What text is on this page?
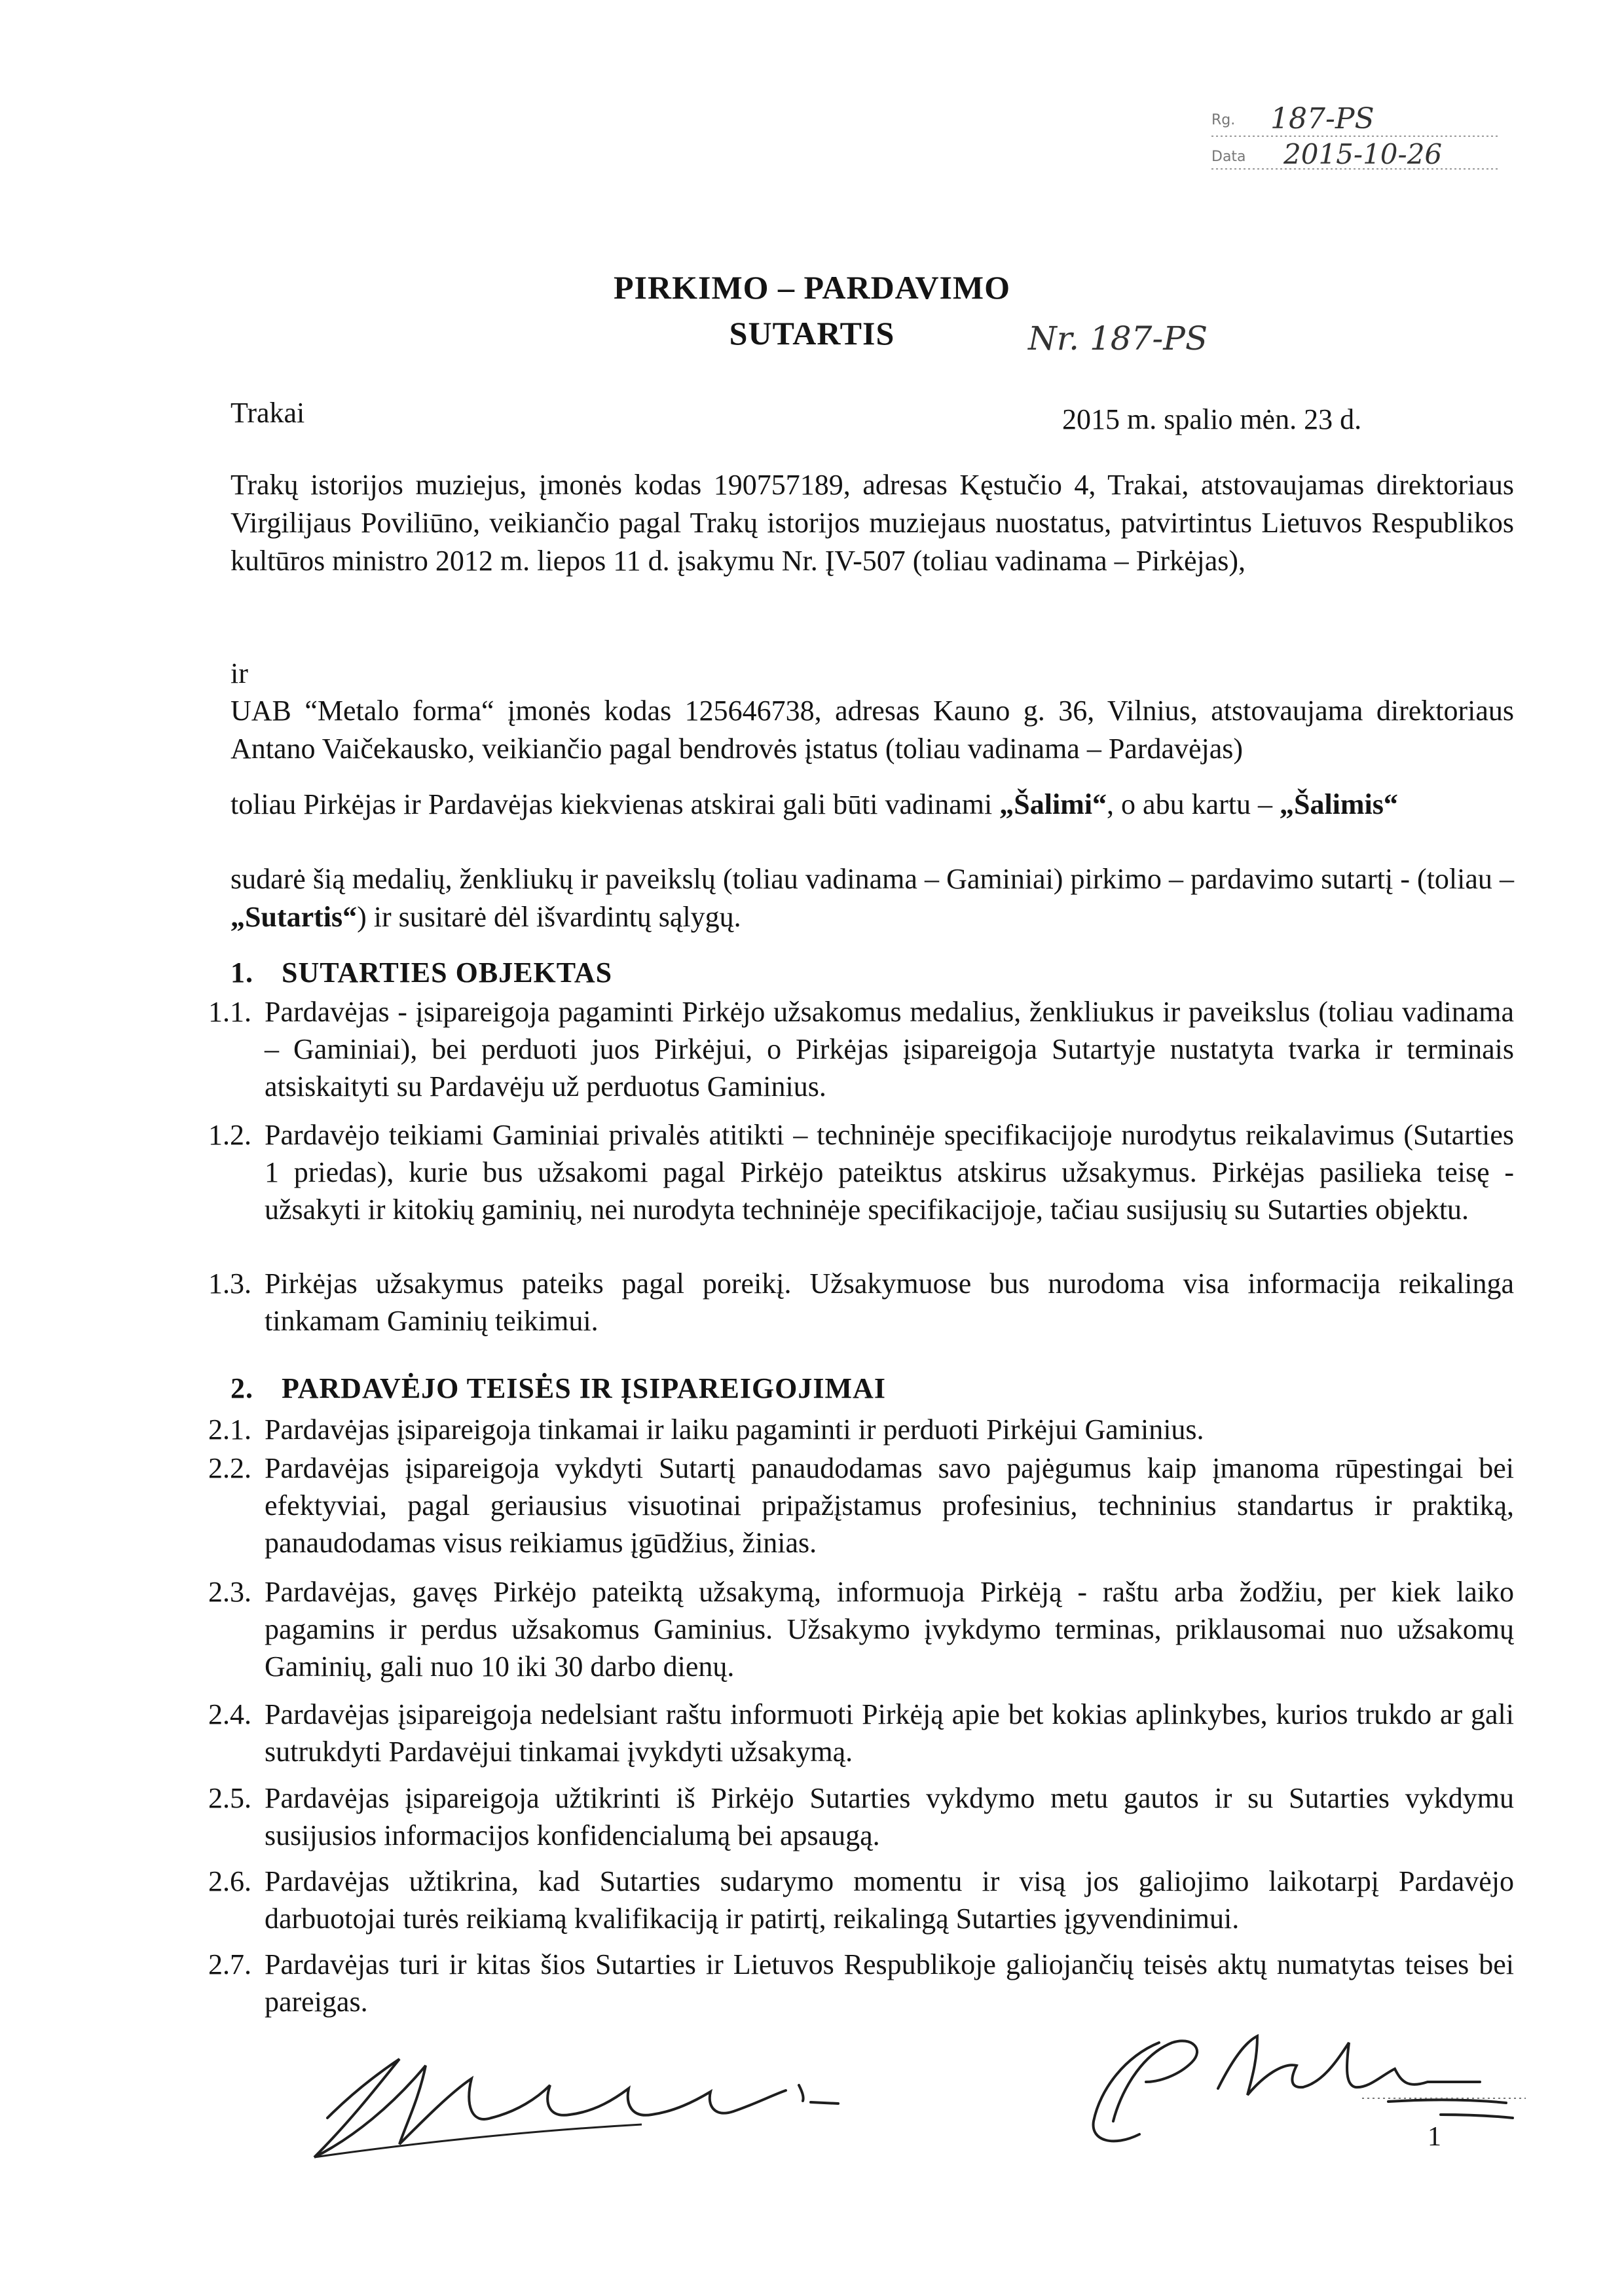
Rg. 187-PS
Data 2015-10-26
PIRKIMO – PARDAVIMO
SUTARTIS	Nr. 187-PS
Trakai	2015 m. spalio mėn. 23 d.
Trakų istorijos muziejus, įmonės kodas 190757189, adresas Kęstučio 4, Trakai, atstovaujamas direktoriaus Virgilijaus Poviliūno, veikiančio pagal Trakų istorijos muziejaus nuostatus, patvirtintus Lietuvos Respublikos kultūros ministro 2012 m. liepos 11 d. įsakymu Nr. ĮV-507 (toliau vadinama – Pirkėjas),
ir
UAB “Metalo forma“ įmonės kodas 125646738, adresas Kauno g. 36, Vilnius, atstovaujama direktoriaus Antano Vaičekausko, veikiančio pagal bendrovės įstatus (toliau vadinama – Pardavėjas)
toliau Pirkėjas ir Pardavėjas kiekvienas atskirai gali būti vadinami „Šalimi“, o abu kartu – „Šalimis“
sudarė šią medalių, ženkliukų ir paveikslų (toliau vadinama – Gaminiai) pirkimo – pardavimo sutartį - (toliau – „Sutartis“) ir susitarė dėl išvardintų sąlygų.
1. SUTARTIES OBJEKTAS
1.1. Pardavėjas - įsipareigoja pagaminti Pirkėjo užsakomus medalius, ženkliukus ir paveikslus (toliau vadinama – Gaminiai), bei perduoti juos Pirkėjui, o Pirkėjas įsipareigoja Sutartyje nustatyta tvarka ir terminais atsiskaityti su Pardavėju už perduotus Gaminius.
1.2. Pardavėjo teikiami Gaminiai privalės atitikti – techninėje specifikacijoje nurodytus reikalavimus (Sutarties 1 priedas), kurie bus užsakomi pagal Pirkėjo pateiktus atskirus užsakymus. Pirkėjas pasilieka teisę - užsakyti ir kitokių gaminių, nei nurodyta techninėje specifikacijoje, tačiau susijusių su Sutarties objektu.
1.3. Pirkėjas užsakymus pateiks pagal poreikį. Užsakymuose bus nurodoma visa informacija reikalinga tinkamam Gaminių teikimui.
2. PARDAVĖJO TEISĖS IR ĮSIPAREIGOJIMAI
2.1. Pardavėjas įsipareigoja tinkamai ir laiku pagaminti ir perduoti Pirkėjui Gaminius.
2.2. Pardavėjas įsipareigoja vykdyti Sutartį panaudodamas savo pajėgumus kaip įmanoma rūpestingai bei efektyviai, pagal geriausius visuotinai pripažįstamus profesinius, techninius standartus ir praktiką, panaudodamas visus reikiamus įgūdžius, žinias.
2.3. Pardavėjas, gavęs Pirkėjo pateiktą užsakymą, informuoja Pirkėją - raštu arba žodžiu, per kiek laiko pagamins ir perdus užsakomus Gaminius. Užsakymo įvykdymo terminas, priklausomai nuo užsakomų Gaminių, gali nuo 10 iki 30 darbo dienų.
2.4. Pardavėjas įsipareigoja nedelsiant raštu informuoti Pirkėją apie bet kokias aplinkybes, kurios trukdo ar gali sutrukdyti Pardavėjui tinkamai įvykdyti užsakymą.
2.5. Pardavėjas įsipareigoja užtikrinti iš Pirkėjo Sutarties vykdymo metu gautos ir su Sutarties vykdymu susijusios informacijos konfidencialumą bei apsaugą.
2.6. Pardavėjas užtikrina, kad Sutarties sudarymo momentu ir visą jos galiojimo laikotarpį Pardavėjo darbuotojai turės reikiamą kvalifikaciją ir patirtį, reikalingą Sutarties įgyvendinimui.
2.7. Pardavėjas turi ir kitas šios Sutarties ir Lietuvos Respublikoje galiojančių teisės aktų numatytas teises bei pareigas.
1
